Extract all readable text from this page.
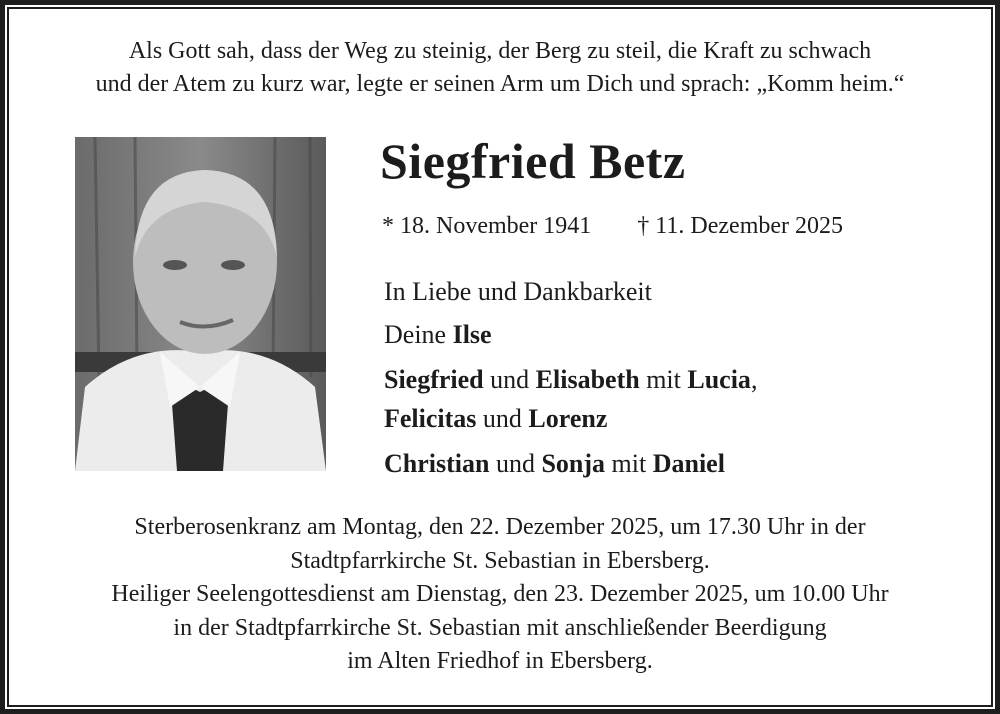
Als Gott sah, dass der Weg zu steinig, der Berg zu steil, die Kraft zu schwach
und der Atem zu kurz war, legte er seinen Arm um Dich und sprach: „Komm heim.“
Siegfried Betz
* 18. November 1941 † 11. Dezember 2025
In Liebe und Dankbarkeit
Deine Ilse
Siegfried und Elisabeth mit Lucia,
Felicitas und Lorenz
Christian und Sonja mit Daniel
Sterberosenkranz am Montag, den 22. Dezember 2025, um 17.30 Uhr in der
Stadtpfarrkirche St. Sebastian in Ebersberg.
Heiliger Seelengottesdienst am Dienstag, den 23. Dezember 2025, um 10.00 Uhr
in der Stadtpfarrkirche St. Sebastian mit anschließender Beerdigung
im Alten Friedhof in Ebersberg.
